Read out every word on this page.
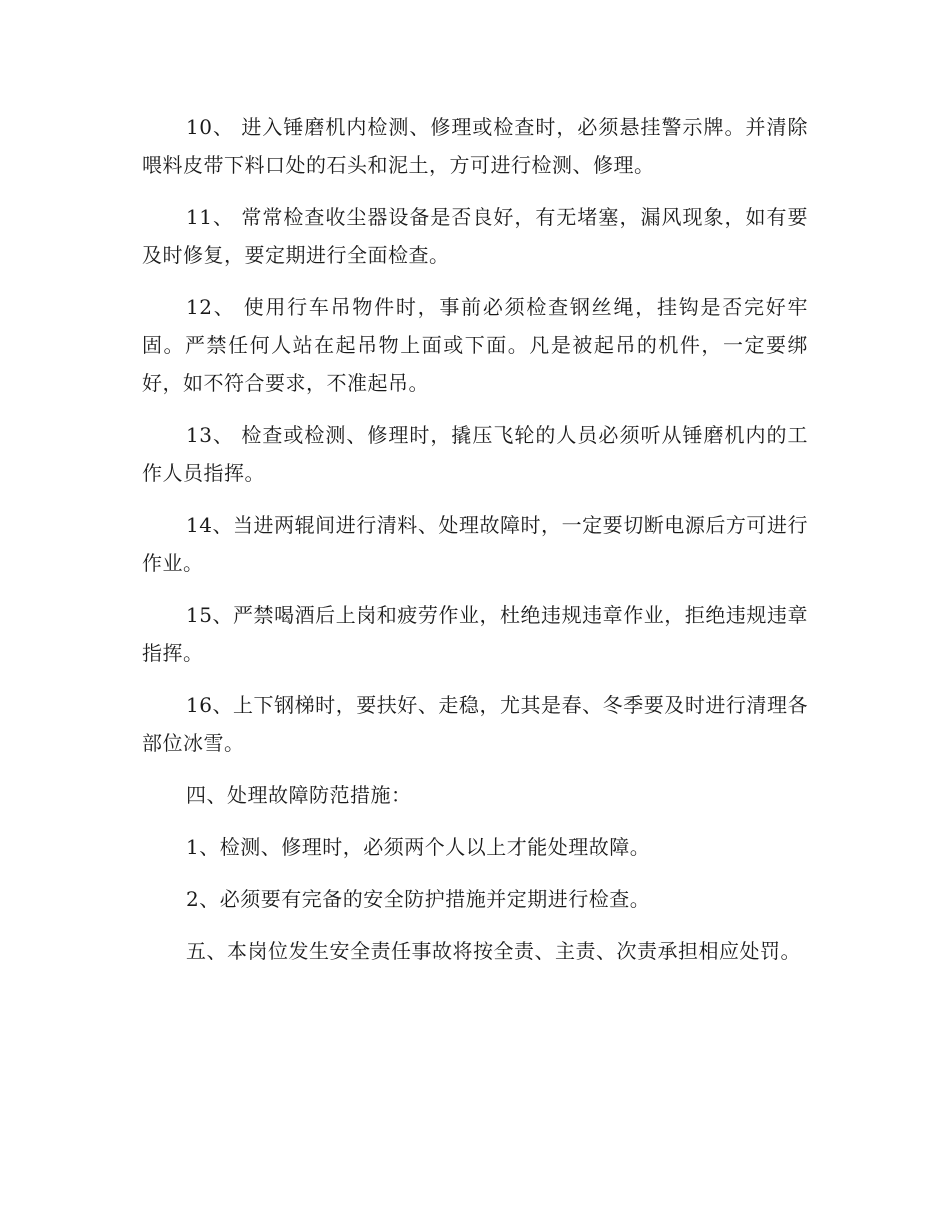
10、 进入锤磨机内检测、修理或检查时，必须悬挂警示牌。并清除喂料皮带下料口处的石头和泥土，方可进行检测、修理。

11、 常常检查收尘器设备是否良好，有无堵塞，漏风现象，如有要及时修复，要定期进行全面检查。

12、 使用行车吊物件时，事前必须检查钢丝绳，挂钩是否完好牢固。严禁任何人站在起吊物上面或下面。凡是被起吊的机件，一定要绑好，如不符合要求，不准起吊。

13、 检查或检测、修理时，撬压飞轮的人员必须听从锤磨机内的工作人员指挥。

14、当进两辊间进行清料、处理故障时，一定要切断电源后方可进行作业。

15、严禁喝酒后上岗和疲劳作业，杜绝违规违章作业，拒绝违规违章指挥。

16、上下钢梯时，要扶好、走稳，尤其是春、冬季要及时进行清理各部位冰雪。

四、处理故障防范措施：

1、检测、修理时，必须两个人以上才能处理故障。

2、必须要有完备的安全防护措施并定期进行检查。

五、本岗位发生安全责任事故将按全责、主责、次责承担相应处罚。
